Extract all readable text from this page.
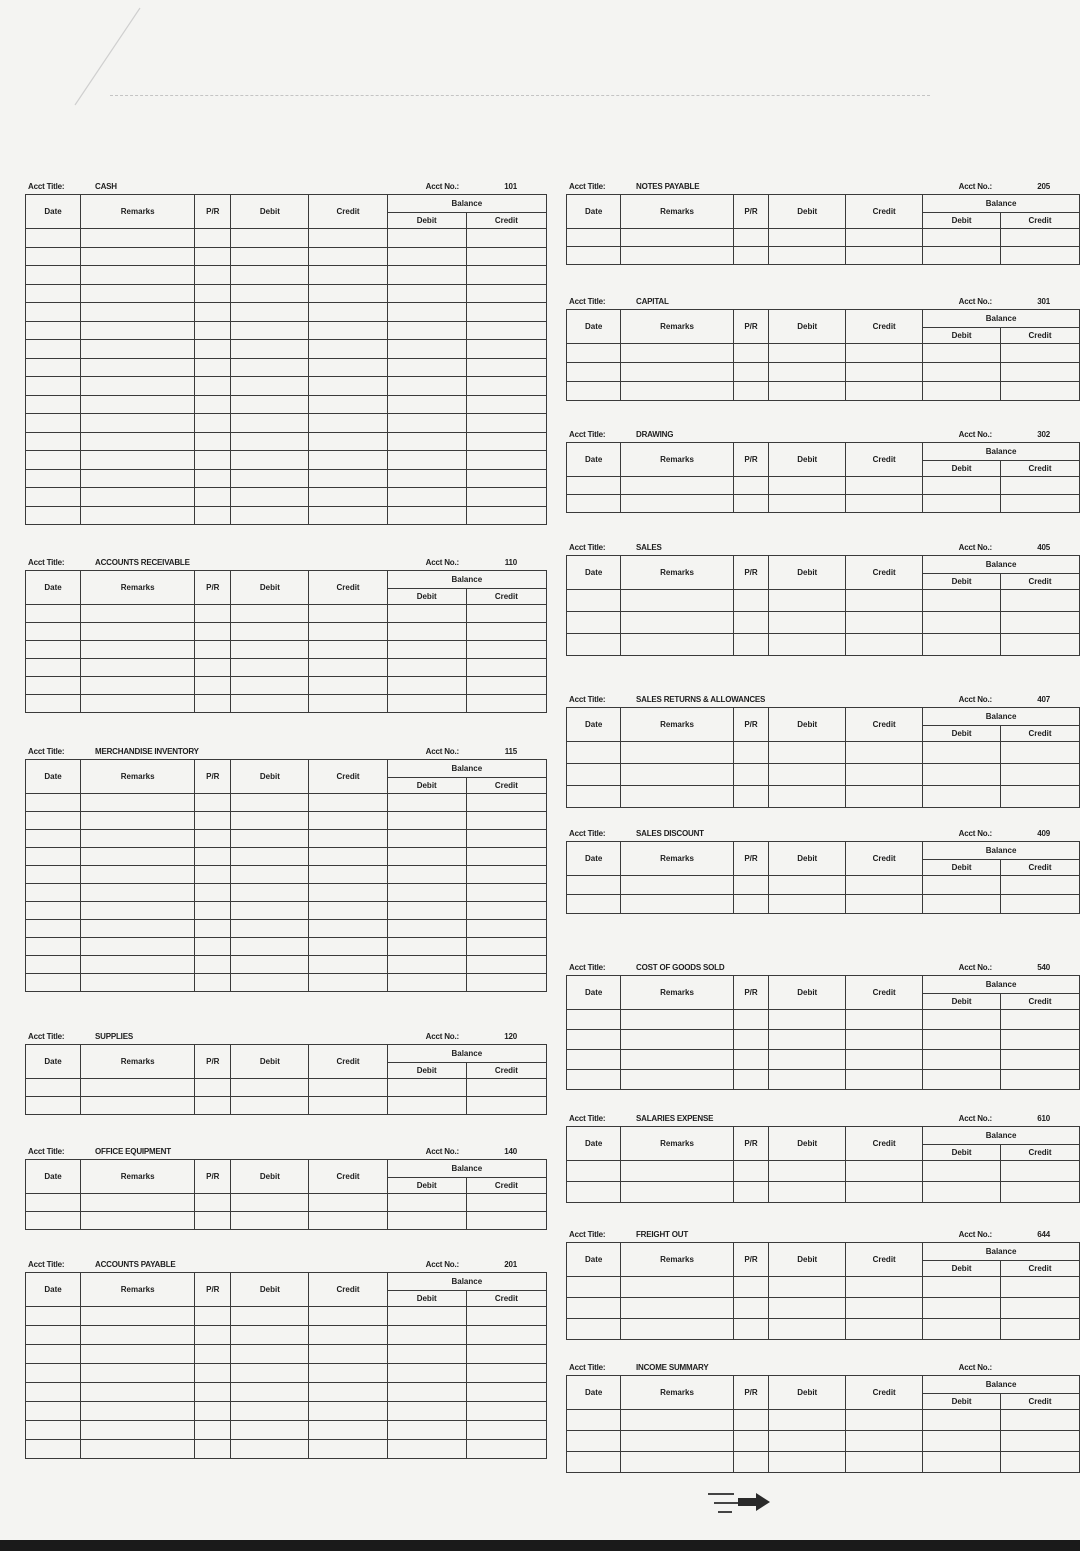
Acct Title:	CASH	Acct No.:	101
Date	Remarks	P/R	Debit	Credit	Balance	
					Debit	Credit

Acct Title:	ACCOUNTS RECEIVABLE	Acct No.:	110
Date	Remarks	P/R	Debit	Credit	Balance	
					Debit	Credit

Acct Title:	MERCHANDISE INVENTORY	Acct No.:	115
Date	Remarks	P/R	Debit	Credit	Balance	
					Debit	Credit

Acct Title:	SUPPLIES	Acct No.:	120
Date	Remarks	P/R	Debit	Credit	Balance	
					Debit	Credit

Acct Title:	OFFICE EQUIPMENT	Acct No.:	140
Date	Remarks	P/R	Debit	Credit	Balance	
					Debit	Credit

Acct Title:	ACCOUNTS PAYABLE	Acct No.:	201
Date	Remarks	P/R	Debit	Credit	Balance	
					Debit	Credit

Acct Title:	NOTES PAYABLE	Acct No.:	205
Date	Remarks	P/R	Debit	Credit	Balance	
					Debit	Credit

Acct Title:	CAPITAL	Acct No.:	301
Date	Remarks	P/R	Debit	Credit	Balance	
					Debit	Credit

Acct Title:	DRAWING	Acct No.:	302
Date	Remarks	P/R	Debit	Credit	Balance	
					Debit	Credit

Acct Title:	SALES	Acct No.:	405
Date	Remarks	P/R	Debit	Credit	Balance	
					Debit	Credit

Acct Title:	SALES RETURNS & ALLOWANCES	Acct No.:	407
Date	Remarks	P/R	Debit	Credit	Balance	
					Debit	Credit

Acct Title:	SALES DISCOUNT	Acct No.:	409
Date	Remarks	P/R	Debit	Credit	Balance	
					Debit	Credit

Acct Title:	COST OF GOODS SOLD	Acct No.:	540
Date	Remarks	P/R	Debit	Credit	Balance	
					Debit	Credit

Acct Title:	SALARIES EXPENSE	Acct No.:	610
Date	Remarks	P/R	Debit	Credit	Balance	
					Debit	Credit

Acct Title:	FREIGHT OUT	Acct No.:	644
Date	Remarks	P/R	Debit	Credit	Balance	
					Debit	Credit

Acct Title:	INCOME SUMMARY	Acct No.:
Date	Remarks	P/R	Debit	Credit	Balance	
					Debit	Credit
